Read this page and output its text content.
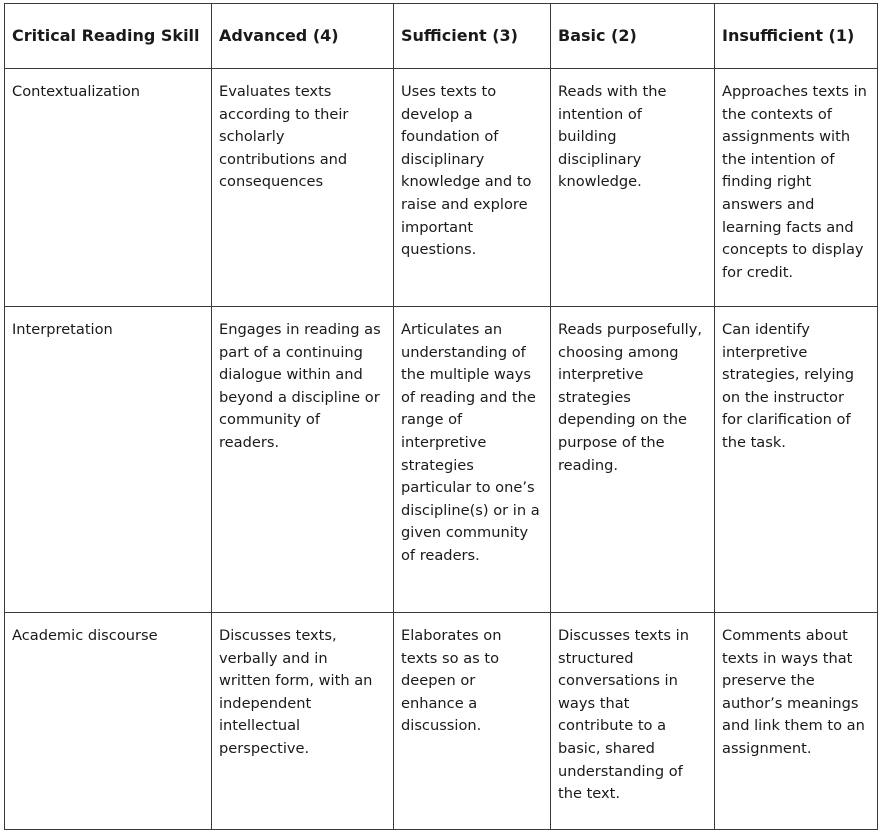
Critical Reading Skill	Advanced (4)	Sufficient (3)	Basic (2)	Insufficient (1)
Contextualization	Evaluates texts according to their scholarly contributions and consequences	Uses texts to develop a foundation of disciplinary knowledge and to raise and explore important questions.	Reads with the intention of building disciplinary knowledge.	Approaches texts in the contexts of assignments with the intention of finding right answers and learning facts and concepts to display for credit.
Interpretation	Engages in reading as part of a continuing dialogue within and beyond a discipline or community of readers.	Articulates an understanding of the multiple ways of reading and the range of interpretive strategies particular to one’s discipline(s) or in a given community of readers.	Reads purposefully, choosing among interpretive strategies depending on the purpose of the reading.	Can identify interpretive strategies, relying on the instructor for clarification of the task.
Academic discourse	Discusses texts, verbally and in written form, with an independent intellectual perspective.	Elaborates on texts so as to deepen or enhance a discussion.	Discusses texts in structured conversations in ways that contribute to a basic, shared understanding of the text.	Comments about texts in ways that preserve the author’s meanings and link them to an assignment.
